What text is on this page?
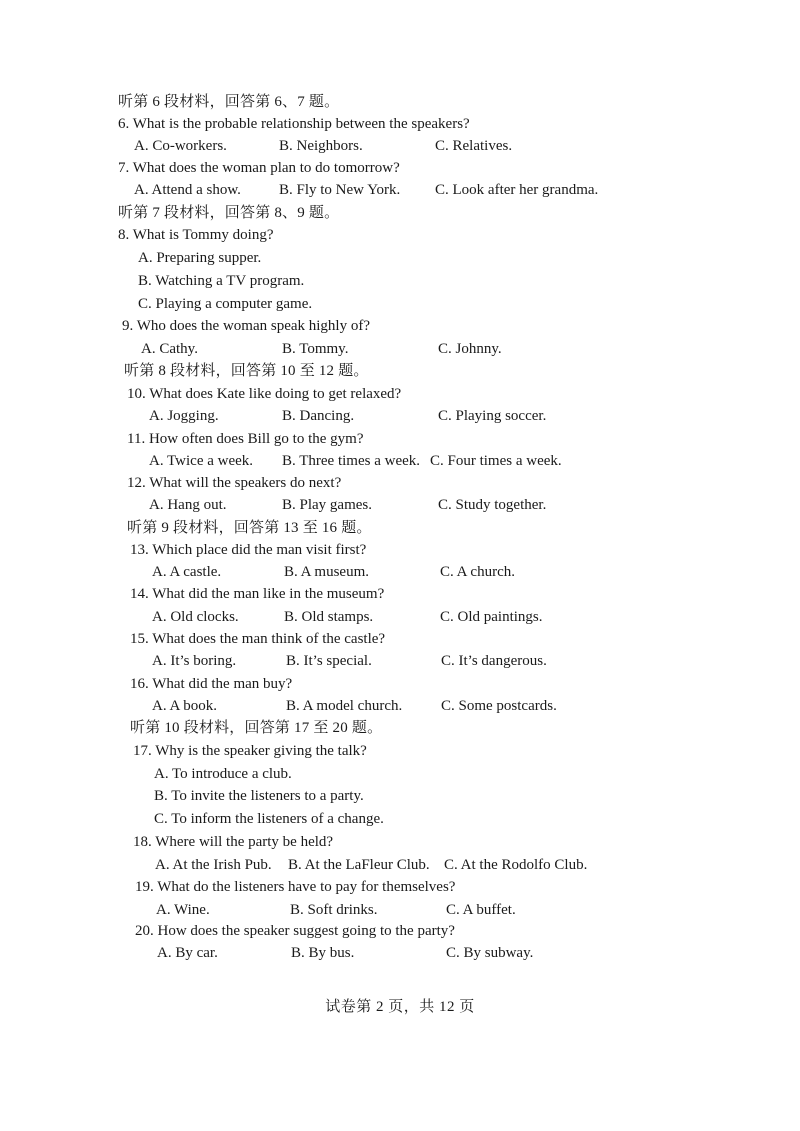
听第 6 段材料，回答第 6、7 题。
6. What is the probable relationship between the speakers?
A. Co-workers.	B. Neighbors.	C. Relatives.
7. What does the woman plan to do tomorrow?
A. Attend a show.	B. Fly to New York. C. Look after her grandma.
听第 7 段材料，回答第 8、9 题。
8. What is Tommy doing?
A. Preparing supper.
B. Watching a TV program.
C. Playing a computer game.
9. Who does the woman speak highly of?
A. Cathy.	B. Tommy.	C. Johnny.
听第 8 段材料，回答第 10 至 12 题。
10. What does Kate like doing to get relaxed?
A. Jogging.	B. Dancing.	C. Playing soccer.
11. How often does Bill go to the gym?
A. Twice a week. B. Three times a week. C. Four times a week.
12. What will the speakers do next?
A. Hang out.	B. Play games.	C. Study together.
听第 9 段材料，回答第 13 至 16 题。
13. Which place did the man visit first?
A. A castle.	B. A museum.	C. A church.
14. What did the man like in the museum?
A. Old clocks.	B. Old stamps.	C. Old paintings.
15. What does the man think of the castle?
A. It’s boring.	B. It’s special.	C. It’s dangerous.
16. What did the man buy?
A. A book.	B. A model church.	C. Some postcards.
听第 10 段材料，回答第 17 至 20 题。
17. Why is the speaker giving the talk?
A. To introduce a club.
B. To invite the listeners to a party.
C. To inform the listeners of a change.
18. Where will the party be held?
A. At the Irish Pub. B. At the LaFleur Club. C. At the Rodolfo Club.
19. What do the listeners have to pay for themselves?
A. Wine.	B. Soft drinks.	C. A buffet.
20. How does the speaker suggest going to the party?
A. By car.	B. By bus.	C. By subway.
试卷第 2 页，共 12 页
